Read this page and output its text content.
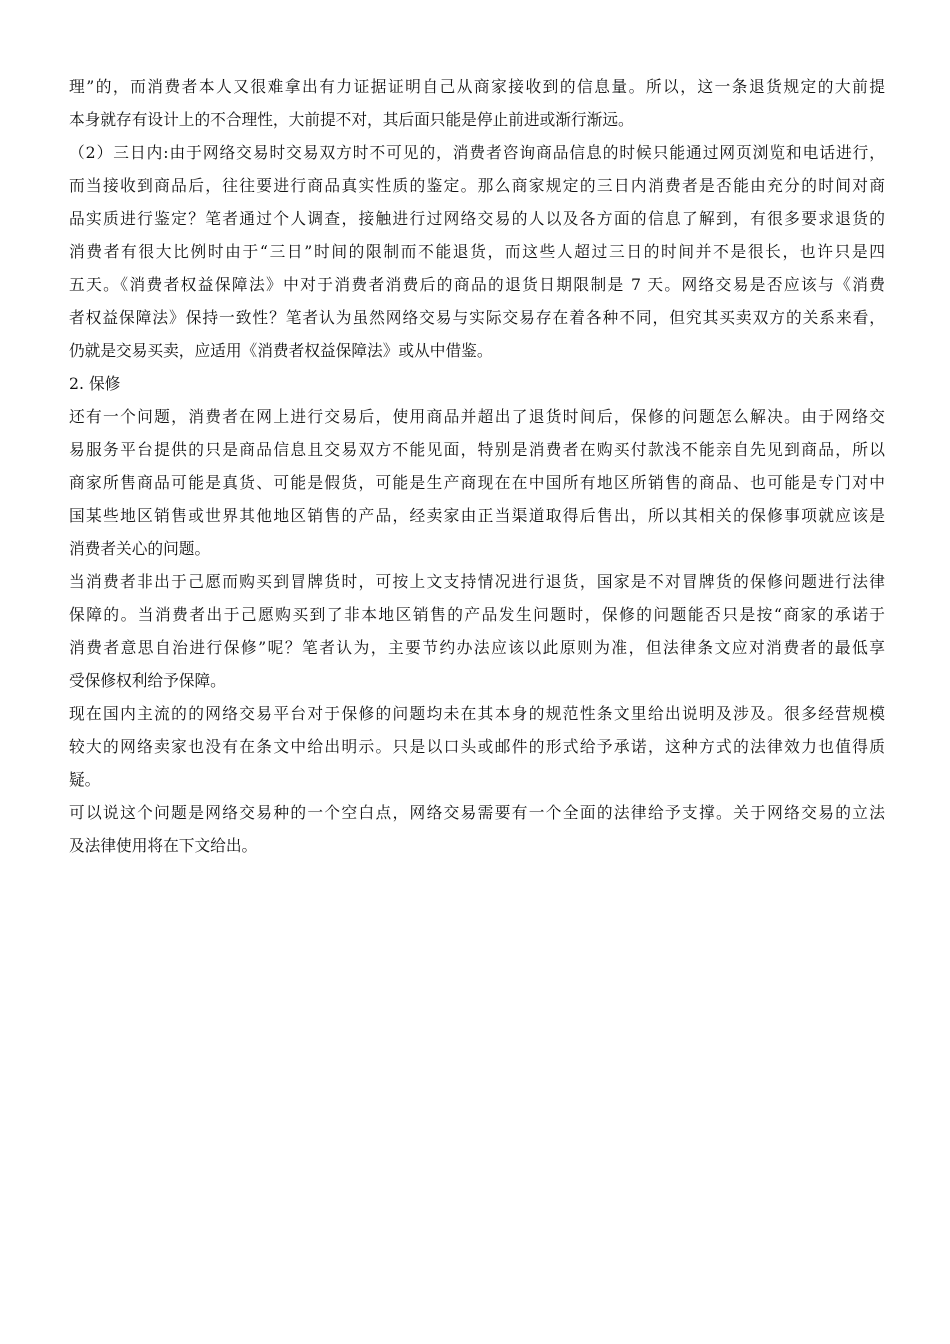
理”的，而消费者本人又很难拿出有力证据证明自己从商家接收到的信息量。所以，这一条退货规定的大前提
本身就存有设计上的不合理性，大前提不对，其后面只能是停止前进或渐行渐远。
（2）三日内:由于网络交易时交易双方时不可见的，消费者咨询商品信息的时候只能通过网页浏览和电话进行，
而当接收到商品后，往往要进行商品真实性质的鉴定。那么商家规定的三日内消费者是否能由充分的时间对商
品实质进行鉴定？笔者通过个人调查，接触进行过网络交易的人以及各方面的信息了解到，有很多要求退货的
消费者有很大比例时由于“三日”时间的限制而不能退货，而这些人超过三日的时间并不是很长，也许只是四
五天。《消费者权益保障法》中对于消费者消费后的商品的退货日期限制是 7 天。网络交易是否应该与《消费
者权益保障法》保持一致性？笔者认为虽然网络交易与实际交易存在着各种不同，但究其买卖双方的关系来看，
仍就是交易买卖，应适用《消费者权益保障法》或从中借鉴。
2. 保修
还有一个问题，消费者在网上进行交易后，使用商品并超出了退货时间后，保修的问题怎么解决。由于网络交
易服务平台提供的只是商品信息且交易双方不能见面，特别是消费者在购买付款浅不能亲自先见到商品，所以
商家所售商品可能是真货、可能是假货，可能是生产商现在在中国所有地区所销售的商品、也可能是专门对中
国某些地区销售或世界其他地区销售的产品，经卖家由正当渠道取得后售出，所以其相关的保修事项就应该是
消费者关心的问题。
当消费者非出于己愿而购买到冒牌货时，可按上文支持情况进行退货，国家是不对冒牌货的保修问题进行法律
保障的。当消费者出于己愿购买到了非本地区销售的产品发生问题时，保修的问题能否只是按“商家的承诺于
消费者意思自治进行保修”呢？笔者认为，主要节约办法应该以此原则为准，但法律条文应对消费者的最低享
受保修权利给予保障。
现在国内主流的的网络交易平台对于保修的问题均未在其本身的规范性条文里给出说明及涉及。很多经营规模
较大的网络卖家也没有在条文中给出明示。只是以口头或邮件的形式给予承诺，这种方式的法律效力也值得质
疑。
可以说这个问题是网络交易种的一个空白点，网络交易需要有一个全面的法律给予支撑。关于网络交易的立法
及法律使用将在下文给出。
